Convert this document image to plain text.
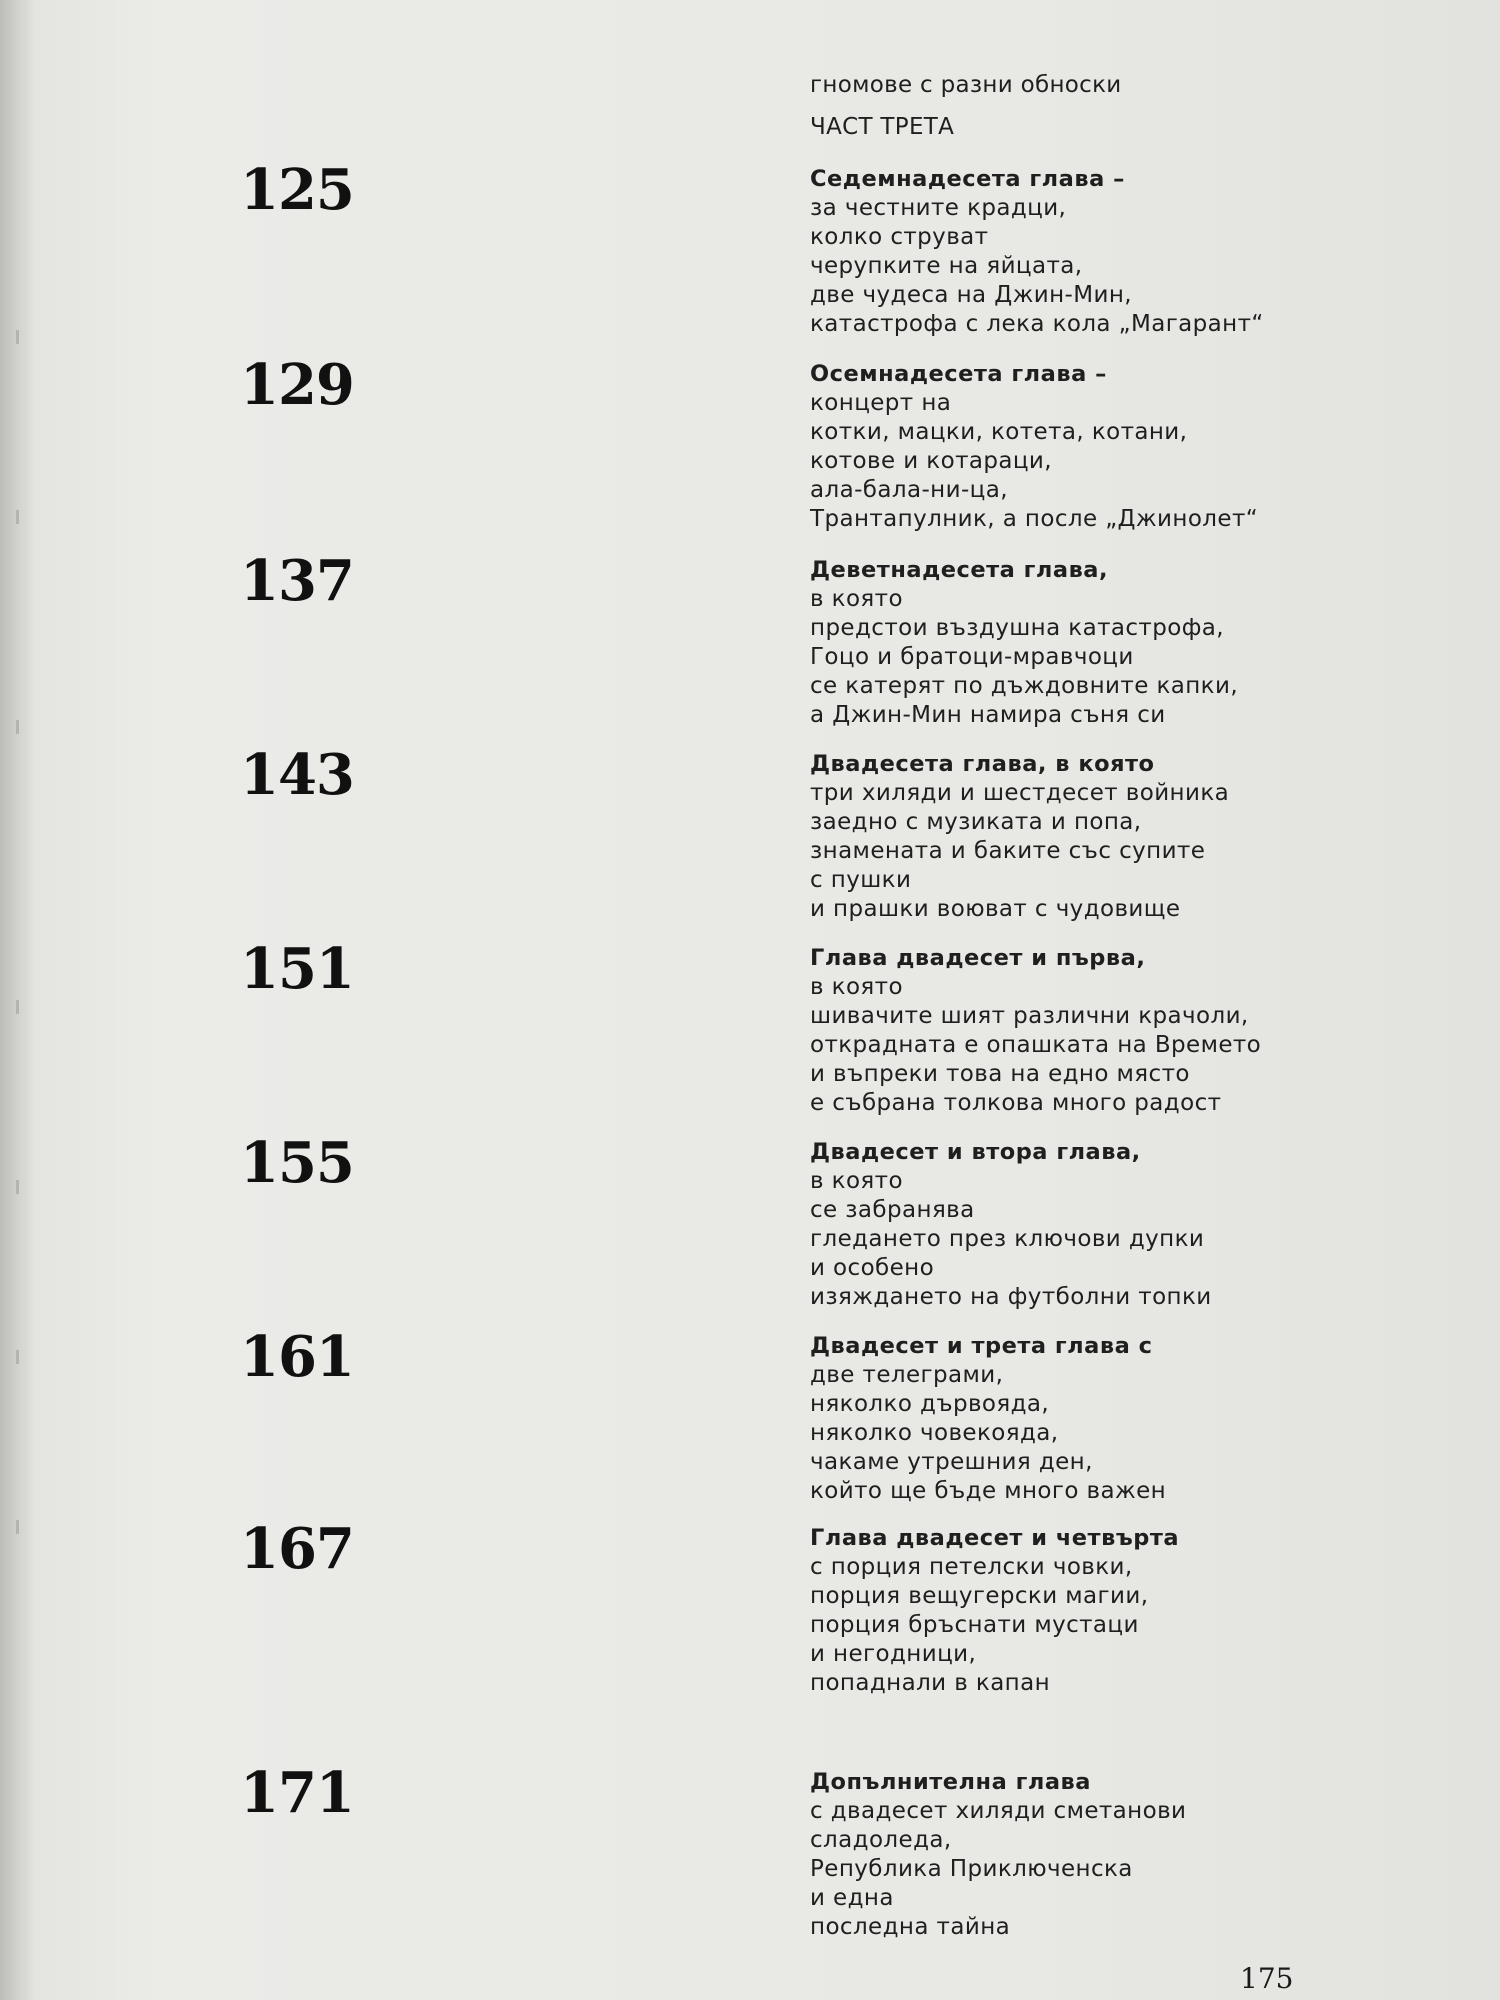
гномове с разни обноски
ЧАСТ ТРЕТА
125	Седемнадесета глава –
за честните крадци,
колко струват
черупките на яйцата,
две чудеса на Джин-Мин,
катастрофа с лека кола „Магарант“
129	Осемнадесета глава –
концерт на
котки, мацки, котета, котани,
котове и котараци,
ала-бала-ни-ца,
Трантапулник, а после „Джинолет“
137	Деветнадесета глава,
в която
предстои въздушна катастрофа,
Гоцо и братоци-мравчоци
се катерят по дъждовните капки,
а Джин-Мин намира съня си
143	Двадесета глава, в която
три хиляди и шестдесет войника
заедно с музиката и попа,
знамената и баките със супите
с пушки
и прашки воюват с чудовище
151	Глава двадесет и първа,
в която
шивачите шият различни крачоли,
открадната е опашката на Времето
и въпреки това на едно място
е събрана толкова много радост
155	Двадесет и втора глава,
в която
се забранява
гледането през ключови дупки
и особено
изяждането на футболни топки
161	Двадесет и трета глава с
две телеграми,
няколко дървояда,
няколко човекояда,
чакаме утрешния ден,
който ще бъде много важен
167	Глава двадесет и четвърта
с порция петелски човки,
порция вещугерски магии,
порция бръснати мустаци
и негодници,
попаднали в капан
171	Допълнителна глава
с двадесет хиляди сметанови
сладоледа,
Република Приключенска
и една
последна тайна
175
